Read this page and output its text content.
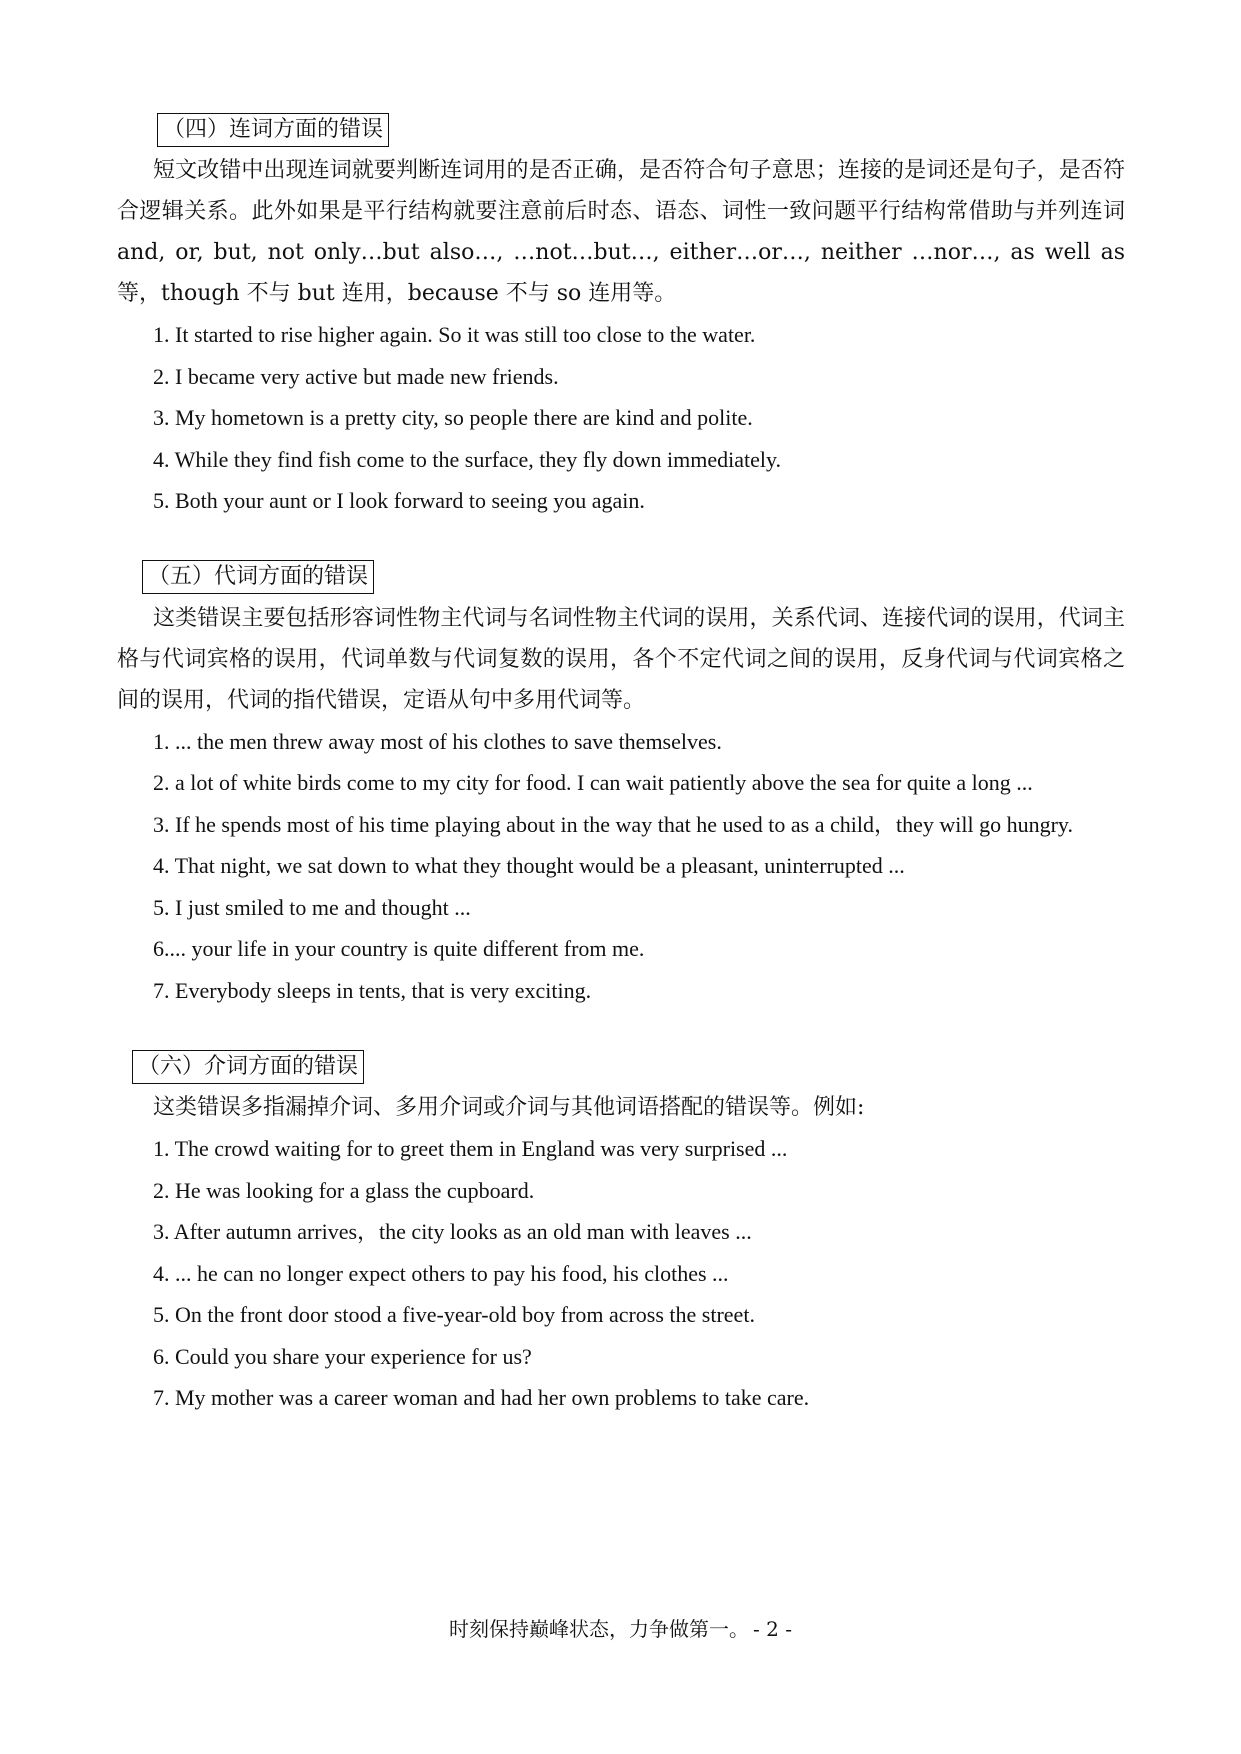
（四）连词方面的错误

短文改错中出现连词就要判断连词用的是否正确，是否符合句子意思；连接的是词还是句子，是否符合逻辑关系。此外如果是平行结构就要注意前后时态、语态、词性一致问题平行结构常借助与并列连词 and, or, but, not only…but also…, …not…but…, either…or…, neither …nor…, as well as 等，though 不与 but 连用，because 不与 so 连用等。

1. It started to rise higher again. So it was still too close to the water.

2. I became very active but made new friends.

3. My hometown is a pretty city, so people there are kind and polite.

4. While they find fish come to the surface, they fly down immediately.

5. Both your aunt or I look forward to seeing you again.

（五）代词方面的错误

这类错误主要包括形容词性物主代词与名词性物主代词的误用，关系代词、连接代词的误用，代词主格与代词宾格的误用，代词单数与代词复数的误用，各个不定代词之间的误用，反身代词与代词宾格之间的误用，代词的指代错误，定语从句中多用代词等。

1. ... the men threw away most of his clothes to save themselves.

2. a lot of white birds come to my city for food. I can wait patiently above the sea for quite a long ...

3. If he spends most of his time playing about in the way that he used to as a child，they will go hungry.

4. That night, we sat down to what they thought would be a pleasant, uninterrupted ...

5. I just smiled to me and thought ...

6.... your life in your country is quite different from me.

7. Everybody sleeps in tents, that is very exciting.

（六）介词方面的错误

这类错误多指漏掉介词、多用介词或介词与其他词语搭配的错误等。例如:

1. The crowd waiting for to greet them in England was very surprised ...

2. He was looking for a glass the cupboard.

3. After autumn arrives，the city looks as an old man with leaves ...

4. ... he can no longer expect others to pay his food, his clothes ...

5. On the front door stood a five-year-old boy from across the street.

6. Could you share your experience for us?

7. My mother was a career woman and had her own problems to take care.

时刻保持巅峰状态，力争做第一。 - 2 -
